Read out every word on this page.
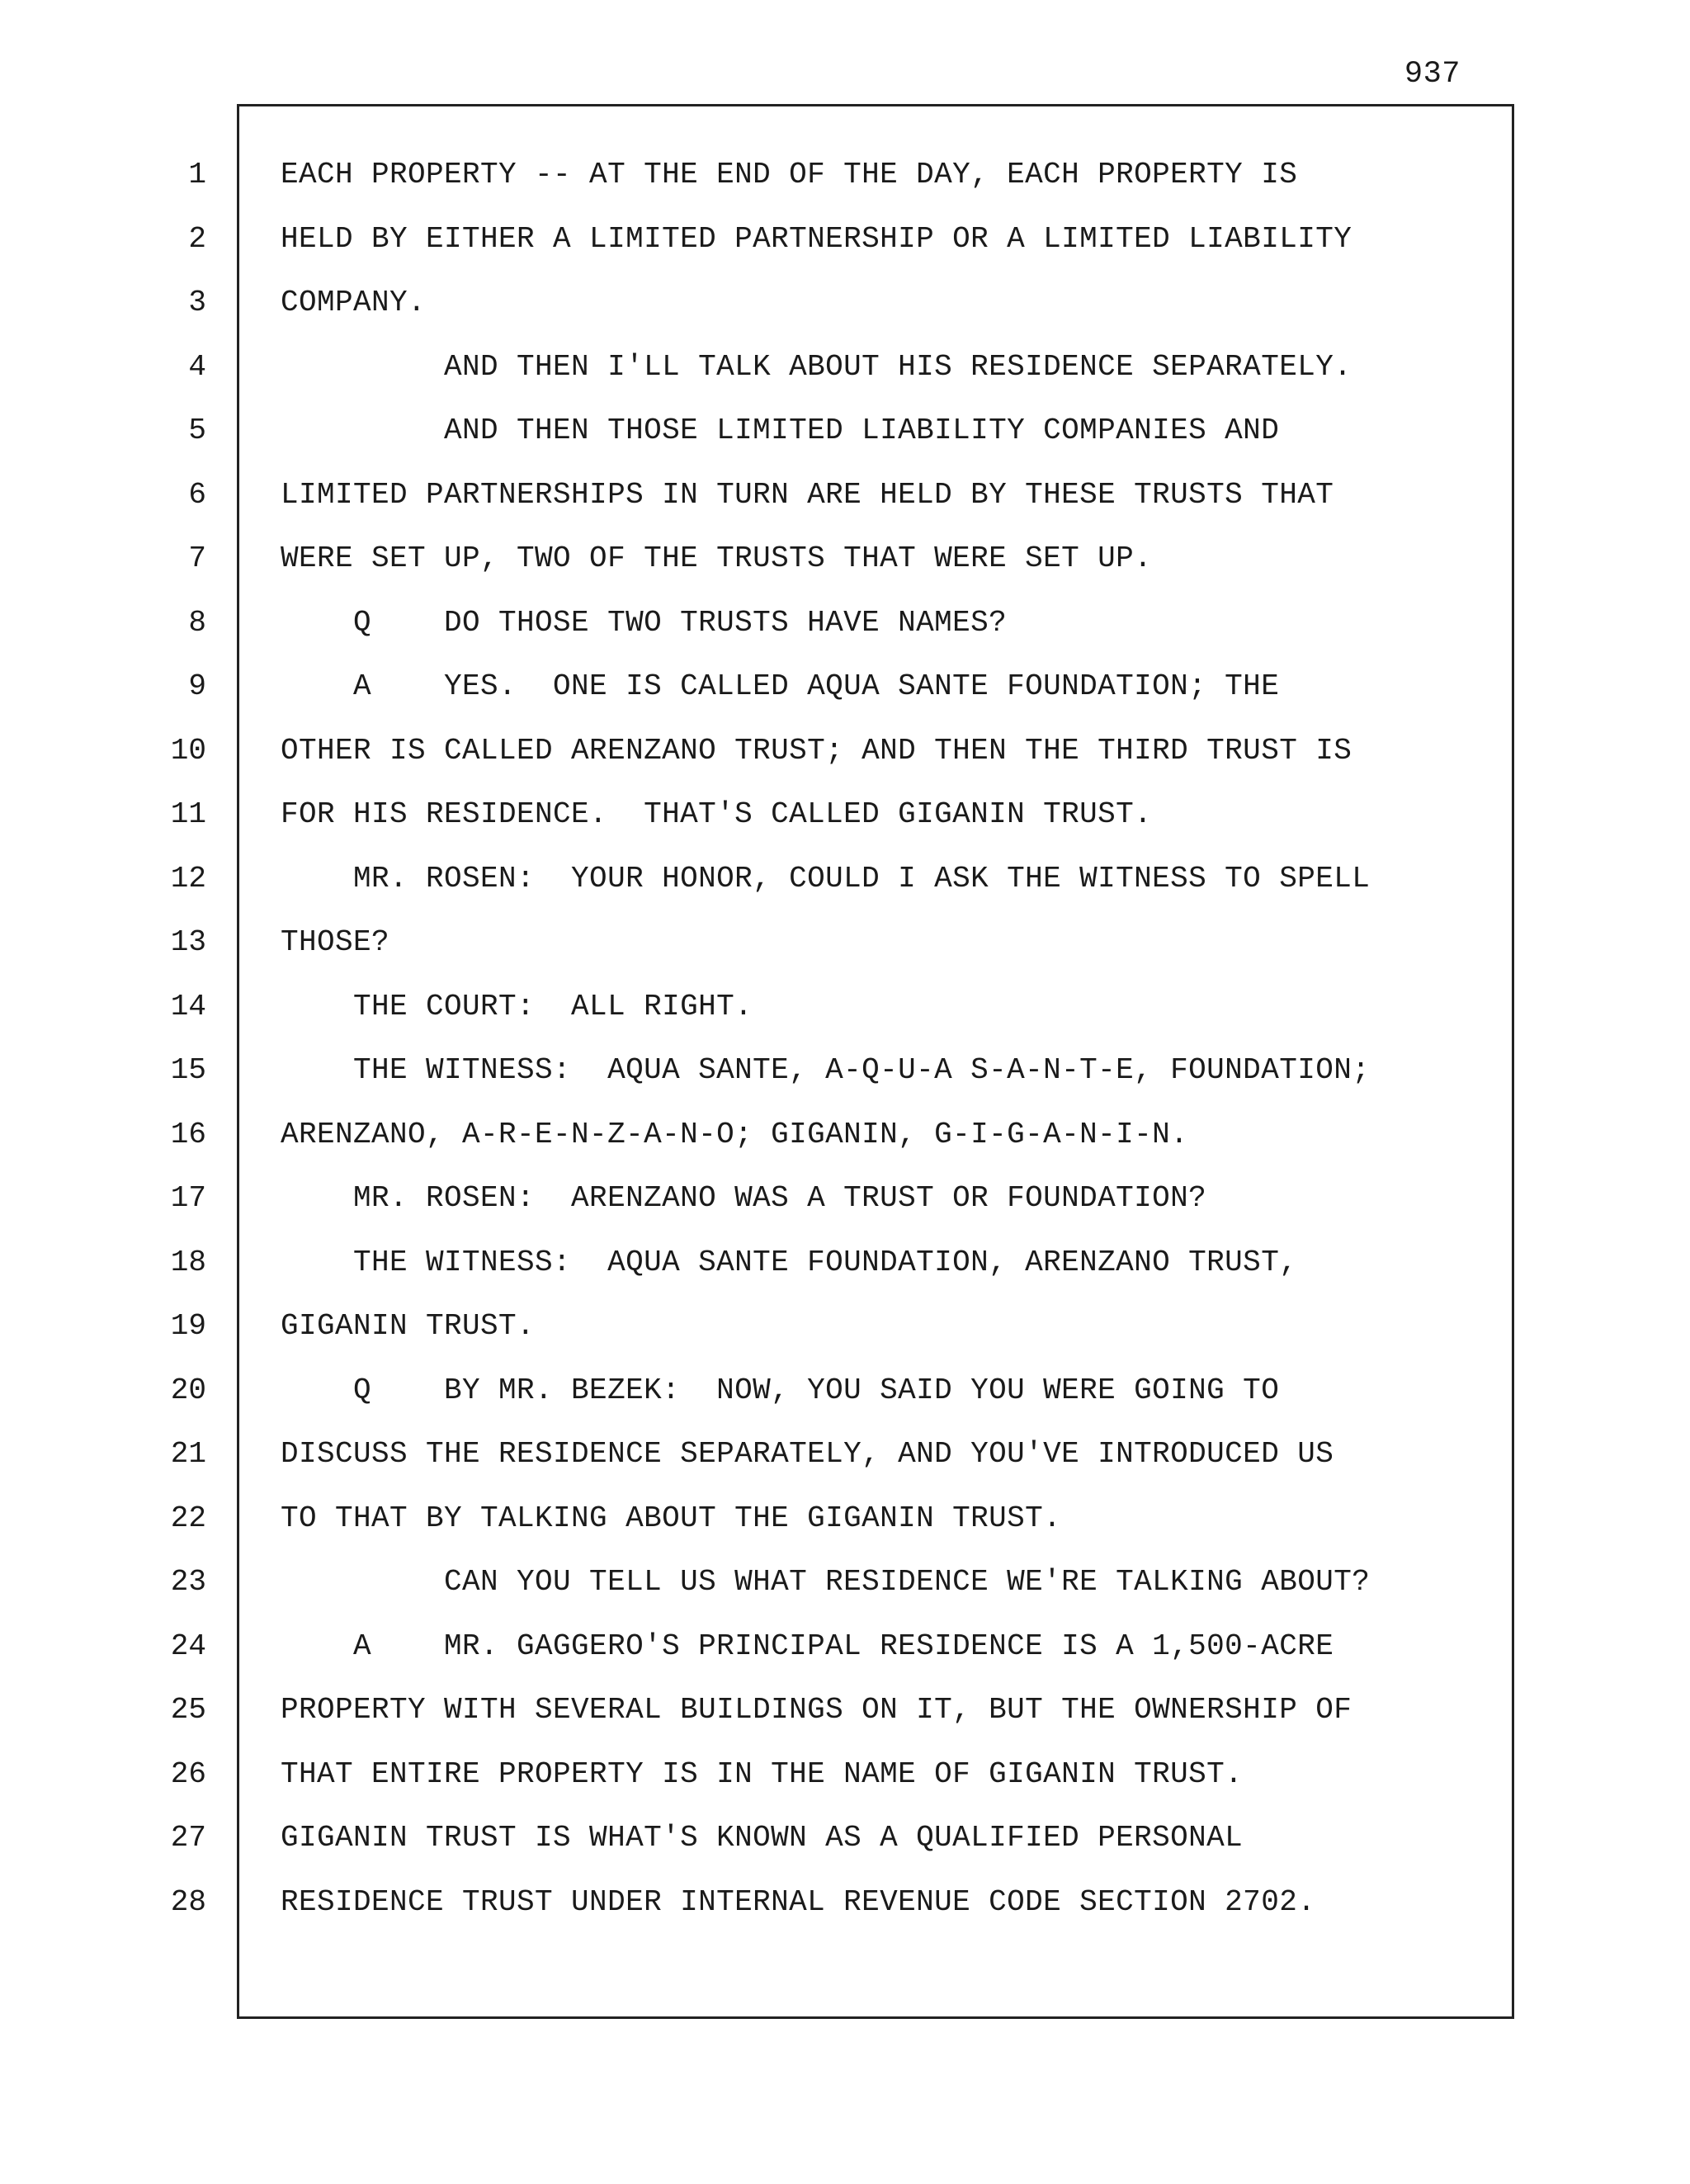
937
1
2
3
4
5
6
7
8
9
10
11
12
13
14
15
16
17
18
19
20
21
22
23
24
25
26
27
28
EACH PROPERTY -- AT THE END OF THE DAY, EACH PROPERTY IS
HELD BY EITHER A LIMITED PARTNERSHIP OR A LIMITED LIABILITY
COMPANY.
AND THEN I'LL TALK ABOUT HIS RESIDENCE SEPARATELY.
AND THEN THOSE LIMITED LIABILITY COMPANIES AND
LIMITED PARTNERSHIPS IN TURN ARE HELD BY THESE TRUSTS THAT
WERE SET UP, TWO OF THE TRUSTS THAT WERE SET UP.
Q    DO THOSE TWO TRUSTS HAVE NAMES?
A    YES.  ONE IS CALLED AQUA SANTE FOUNDATION; THE
OTHER IS CALLED ARENZANO TRUST; AND THEN THE THIRD TRUST IS
FOR HIS RESIDENCE.  THAT'S CALLED GIGANIN TRUST.
MR. ROSEN:  YOUR HONOR, COULD I ASK THE WITNESS TO SPELL
THOSE?
THE COURT:  ALL RIGHT.
THE WITNESS:  AQUA SANTE, A-Q-U-A S-A-N-T-E, FOUNDATION;
ARENZANO, A-R-E-N-Z-A-N-O; GIGANIN, G-I-G-A-N-I-N.
MR. ROSEN:  ARENZANO WAS A TRUST OR FOUNDATION?
THE WITNESS:  AQUA SANTE FOUNDATION, ARENZANO TRUST,
GIGANIN TRUST.
Q    BY MR. BEZEK:  NOW, YOU SAID YOU WERE GOING TO
DISCUSS THE RESIDENCE SEPARATELY, AND YOU'VE INTRODUCED US
TO THAT BY TALKING ABOUT THE GIGANIN TRUST.
CAN YOU TELL US WHAT RESIDENCE WE'RE TALKING ABOUT?
A    MR. GAGGERO'S PRINCIPAL RESIDENCE IS A 1,500-ACRE
PROPERTY WITH SEVERAL BUILDINGS ON IT, BUT THE OWNERSHIP OF
THAT ENTIRE PROPERTY IS IN THE NAME OF GIGANIN TRUST.
GIGANIN TRUST IS WHAT'S KNOWN AS A QUALIFIED PERSONAL
RESIDENCE TRUST UNDER INTERNAL REVENUE CODE SECTION 2702.
